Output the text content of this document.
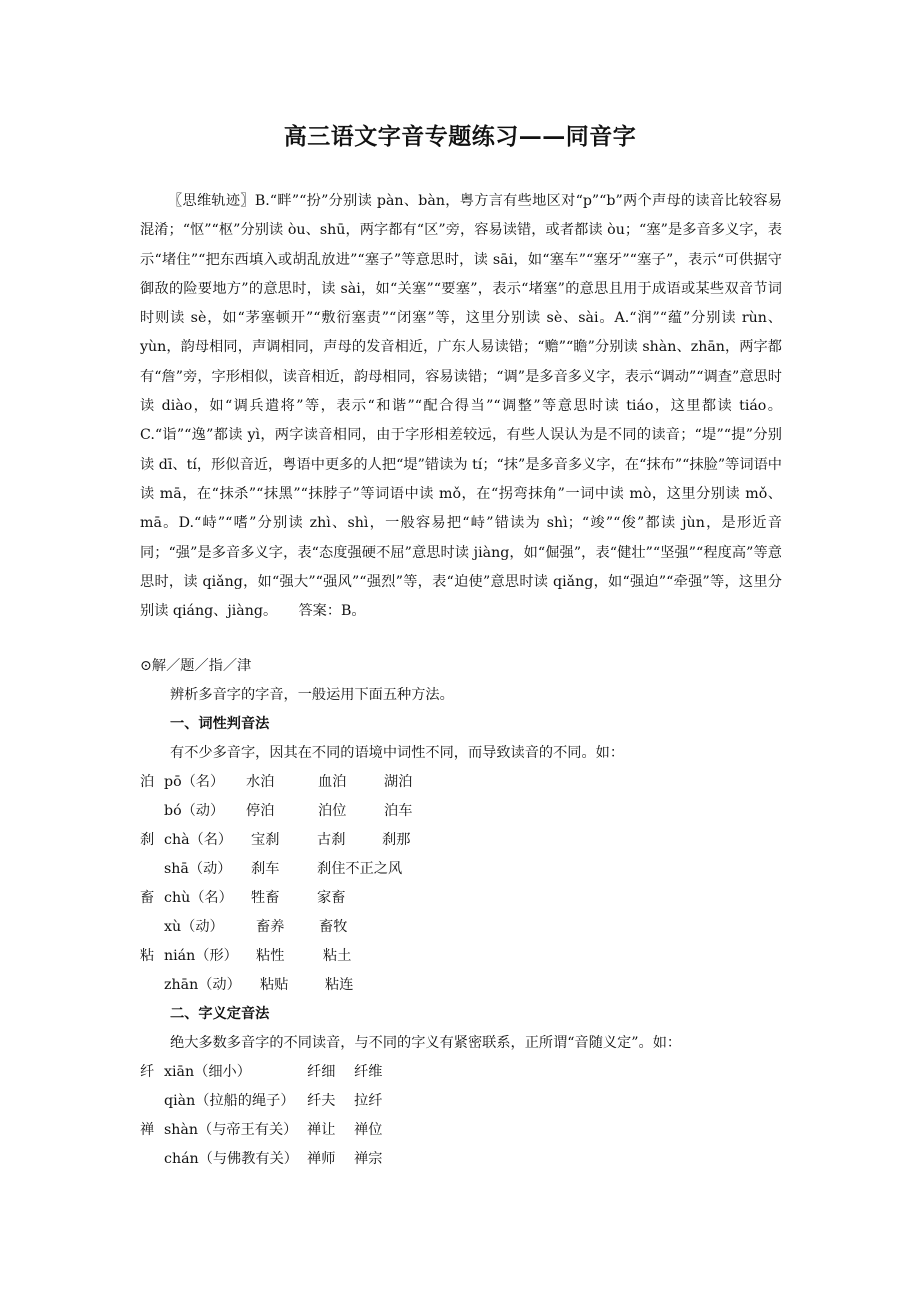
高三语文字音专题练习——同音字

〖思维轨迹〗B.“畔”“扮”分别读 pàn、bàn，粤方言有些地区对“p”“b”两个声母的读音比较容易混淆；“怄”“枢”分别读 òu、shū，两字都有“区”旁，容易读错，或者都读 òu；“塞”是多音多义字，表示“堵住”“把东西填入或胡乱放进”“塞子”等意思时，读 sāi，如“塞车”“塞牙”“塞子”，表示“可供据守御敌的险要地方”的意思时，读 sài，如“关塞”“要塞”，表示“堵塞”的意思且用于成语或某些双音节词时则读 sè，如“茅塞顿开”“敷衍塞责”“闭塞”等，这里分别读 sè、sài。A.“润”“蕴”分别读 rùn、yùn，韵母相同，声调相同，声母的发音相近，广东人易读错；“赡”“瞻”分别读 shàn、zhān，两字都有“詹”旁，字形相似，读音相近，韵母相同，容易读错；“调”是多音多义字，表示“调动”“调查”意思时读 diào，如“调兵遣将”等，表示“和谐”“配合得当”“调整”等意思时读 tiáo，这里都读 tiáo。C.“诣”“逸”都读 yì，两字读音相同，由于字形相差较远，有些人误认为是不同的读音；“堤”“提”分别读 dī、tí，形似音近，粤语中更多的人把“堤”错读为 tí；“抹”是多音多义字，在“抹布”“抹脸”等词语中读 mā，在“抹杀”“抹黑”“抹脖子”等词语中读 mǒ，在“拐弯抹角”一词中读 mò，这里分别读 mǒ、mā。D.“峙”“嗜”分别读 zhì、shì，一般容易把“峙”错读为 shì；“竣”“俊”都读 jùn，是形近音同；“强”是多音多义字，表“态度强硬不屈”意思时读 jiàng，如“倔强”，表“健壮”“坚强”“程度高”等意思时，读 qiǎng，如“强大”“强风”“强烈”等，表“迫使”意思时读 qiǎng，如“强迫”“牵强”等，这里分别读 qiáng、jiàng。　　答案：B。

⊙解／题／指／津
辨析多音字的字音，一般运用下面五种方法。
一、词性判音法
有不少多音字，因其在不同的语境中词性不同，而导致读音的不同。如：
泊 pō（名） 水泊	血泊	湖泊
bó（动） 停泊	泊位	泊车
刹 chà（名） 宝刹	古刹	刹那
shā（动） 刹车	刹住不正之风
畜 chù（名） 牲畜	家畜
xù（动） 畜养 畜牧
粘 nián（形） 粘性	粘土
zhān（动） 粘贴	粘连
二、字义定音法
绝大多数多音字的不同读音，与不同的字义有紧密联系，正所谓“音随义定”。如：
纤 xiān（细小）	纤细 纤维
qiàn（拉船的绳子） 纤夫 拉纤
禅 shàn（与帝王有关） 禅让 禅位
chán（与佛教有关） 禅师 禅宗
